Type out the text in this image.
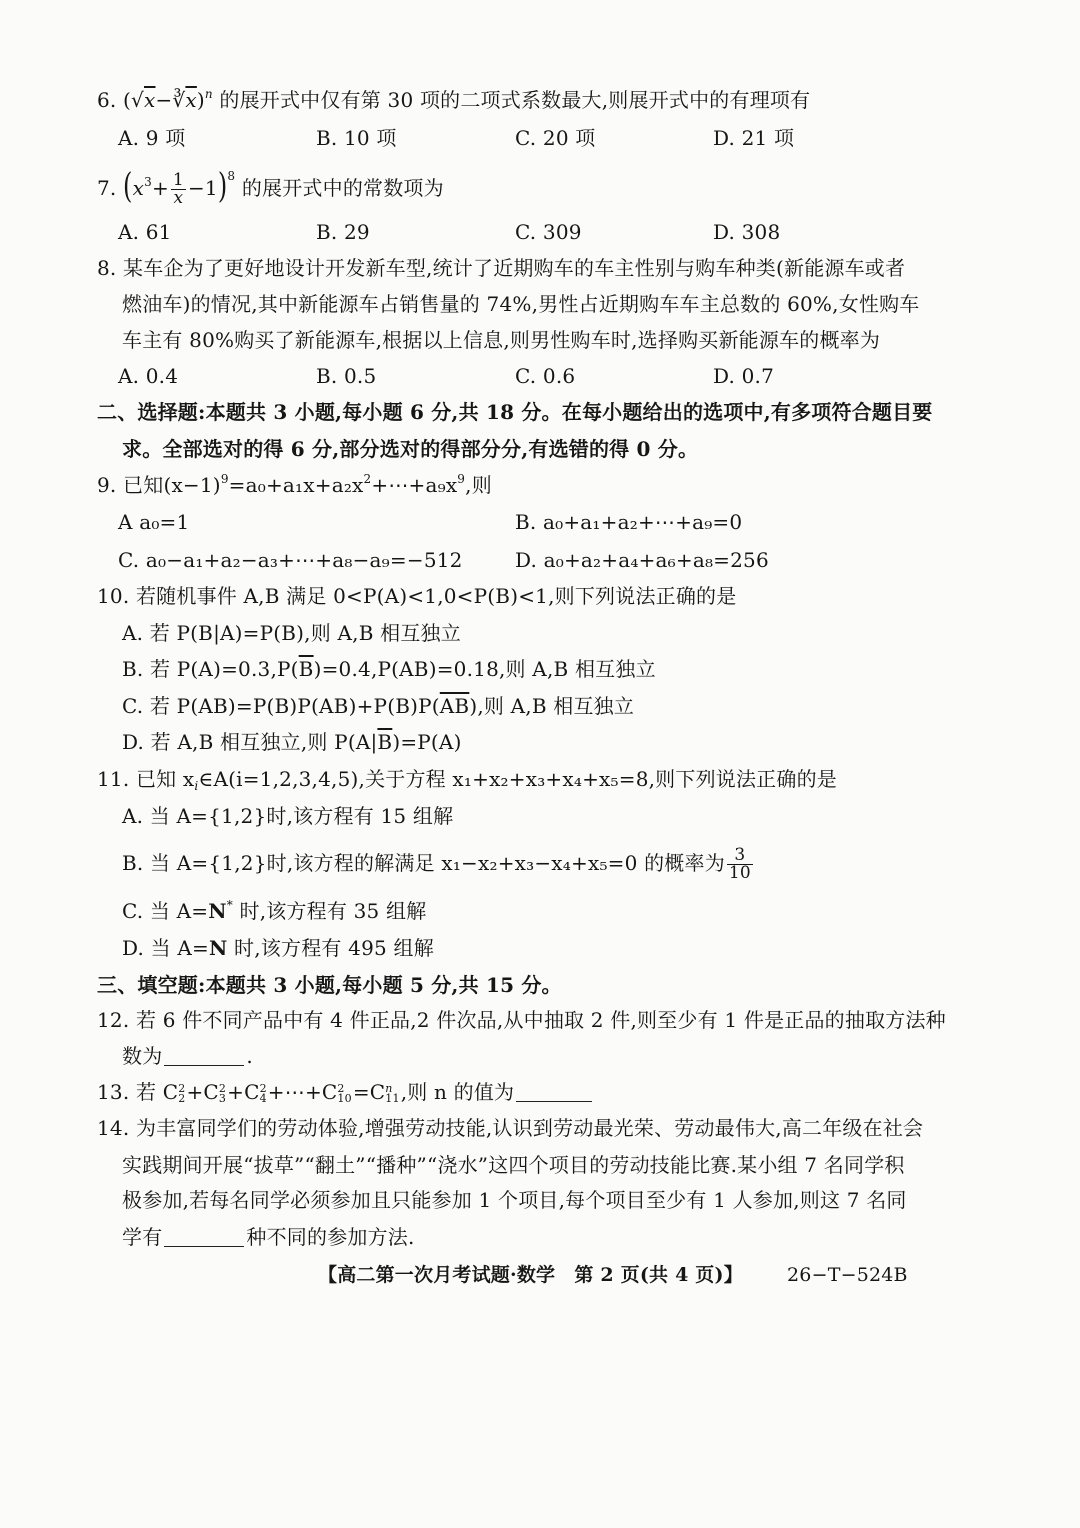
6. $(√x-∛\overline{x})^n$ 的展开式中仅有第 30 项的二项式系数最大,则展开式中的有理项有
A. 9 项	B. 10 项	C. 20 项	D. 21 项
7. $(x^3+ \frac{1}{x} -1)^8$ 的展开式中的常数项为
A. 61	B. 29	C. 309	D. 308
8. 某车企为了更好地设计开发新车型,统计了近期购车的车主性别与购车种类(新能源车或者
燃油车)的情况,其中新能源车占销售量的 74%,男性占近期购车车主总数的 60%,女性购车
车主有 80%购买了新能源车,根据以上信息,则男性购车时,选择购买新能源车的概率为
A. 0.4	B. 0.5	C. 0.6	D. 0.7
二、选择题:本题共 3 小题,每小题 6 分,共 18 分。在每小题给出的选项中,有多项符合题目要
求。全部选对的得 6 分,部分选对的得部分分,有选错的得 0 分。
9. 已知$(x-1)^9=a_0+a_1x+a_2x^2+\cdots+a_9x^9$,则
A a₀=1	B. a₀+a₁+a₂+⋯+a₉=0
C. a₀−a₁+a₂−a₃+⋯+a₈−a₉=−512	D. a₀+a₂+a₄+a₆+a₈=256
10. 若随机事件 A,B 满足 0<P(A)<1,0<P(B)<1,则下列说法正确的是
A. 若 P(B|A)=P(B),则 A,B 相互独立
B. 若 $P(A)=0.3,P(\overline{B})=0.4,P(AB)=0.18$,则 A,B 相互独立
C. 若 $P(AB)=P(B)P(AB)+P(B)P(\overline{AB})$,则 A,B 相互独立
D. 若 A,B 相互独立,则 $P(A|\overline{B})=P(A)$
11. 已知 $x_i\in A(i=1,2,3,4,5)$,关于方程 x₁+x₂+x₃+x₄+x₅=8,则下列说法正确的是
A. 当 A={1,2}时,该方程有 15 组解
B. 当 A={1,2}时,该方程的解满足 x₁−x₂+x₃−x₄+x₅=0 的概率为 $\frac{3}{10}$
C. 当 A=N* 时,该方程有 35 组解
D. 当 A=N 时,该方程有 495 组解
三、填空题:本题共 3 小题,每小题 5 分,共 15 分。
12. 若 6 件不同产品中有 4 件正品,2 件次品,从中抽取 2 件,则至少有 1 件是正品的抽取方法种
数为	.
13. 若 C 2
2 +C 2
3 +C 2
4 +⋯+C 2
10 =C n
11 ,则 n 的值为
14. 为丰富同学们的劳动体验,增强劳动技能,认识到劳动最光荣、劳动最伟大,高二年级在社会
实践期间开展“拔草”“翻土”“播种”“浇水”这四个项目的劳动技能比赛.某小组 7 名同学积
极参加,若每名同学必须参加且只能参加 1 个项目,每个项目至少有 1 人参加,则这 7 名同
学有	种不同的参加方法.
【高二第一次月考试题·数学　第 2 页(共 4 页)】 26−T−524B
